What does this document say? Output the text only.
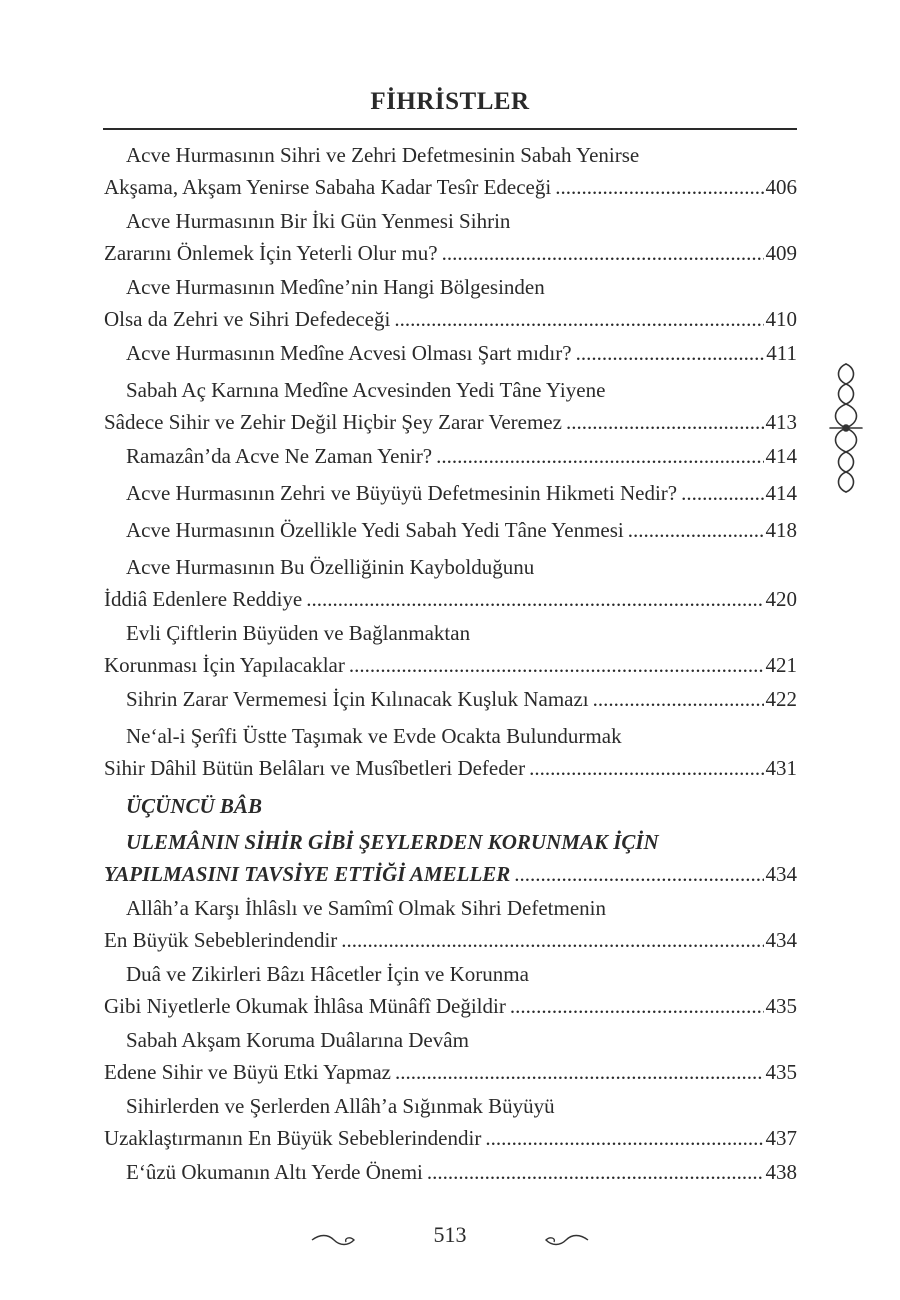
FİHRİSTLER
Acve Hurmasının Sihri ve Zehri Defetmesinin Sabah Yenirse
Akşama, Akşam Yenirse Sabaha Kadar Tesîr Edeceği .....	406
Acve Hurmasının Bir İki Gün Yenmesi Sihrin
Zararını Önlemek İçin Yeterli Olur mu? .....	409
Acve Hurmasının Medîne’nin Hangi Bölgesinden
Olsa da Zehri ve Sihri Defedeceği .....	410
Acve Hurmasının Medîne Acvesi Olması Şart mıdır? .....	411
Sabah Aç Karnına Medîne Acvesinden Yedi Tâne Yiyene
Sâdece Sihir ve Zehir Değil Hiçbir Şey Zarar Veremez .....	413
Ramazân’da Acve Ne Zaman Yenir? .....	414
Acve Hurmasının Zehri ve Büyüyü Defetmesinin Hikmeti Nedir? .....	414
Acve Hurmasının Özellikle Yedi Sabah Yedi Tâne Yenmesi .....	418
Acve Hurmasının Bu Özelliğinin Kaybolduğunu
İddiâ Edenlere Reddiye .....	420
Evli Çiftlerin Büyüden ve Bağlanmaktan
Korunması İçin Yapılacaklar .....	421
Sihrin Zarar Vermemesi İçin Kılınacak Kuşluk Namazı .....	422
Ne‘al-i Şerîfi Üstte Taşımak ve Evde Ocakta Bulundurmak
Sihir Dâhil Bütün Belâları ve Musîbetleri Defeder .....	431
ÜÇÜNCÜ BÂB
ULEMÂNIN SİHİR GİBİ ŞEYLERDEN KORUNMAK İÇİN
YAPILMASINI TAVSİYE ETTİĞİ AMELLER .....	434
Allâh’a Karşı İhlâslı ve Samîmî Olmak Sihri Defetmenin
En Büyük Sebeblerindendir .....	434
Duâ ve Zikirleri Bâzı Hâcetler İçin ve Korunma
Gibi Niyetlerle Okumak İhlâsa Münâfî Değildir .....	435
Sabah Akşam Koruma Duâlarına Devâm
Edene Sihir ve Büyü Etki Yapmaz .....	435
Sihirlerden ve Şerlerden Allâh’a Sığınmak Büyüyü
Uzaklaştırmanın En Büyük Sebeblerindendir .....	437
E‘ûzü Okumanın Altı Yerde Önemi .....	438
513
